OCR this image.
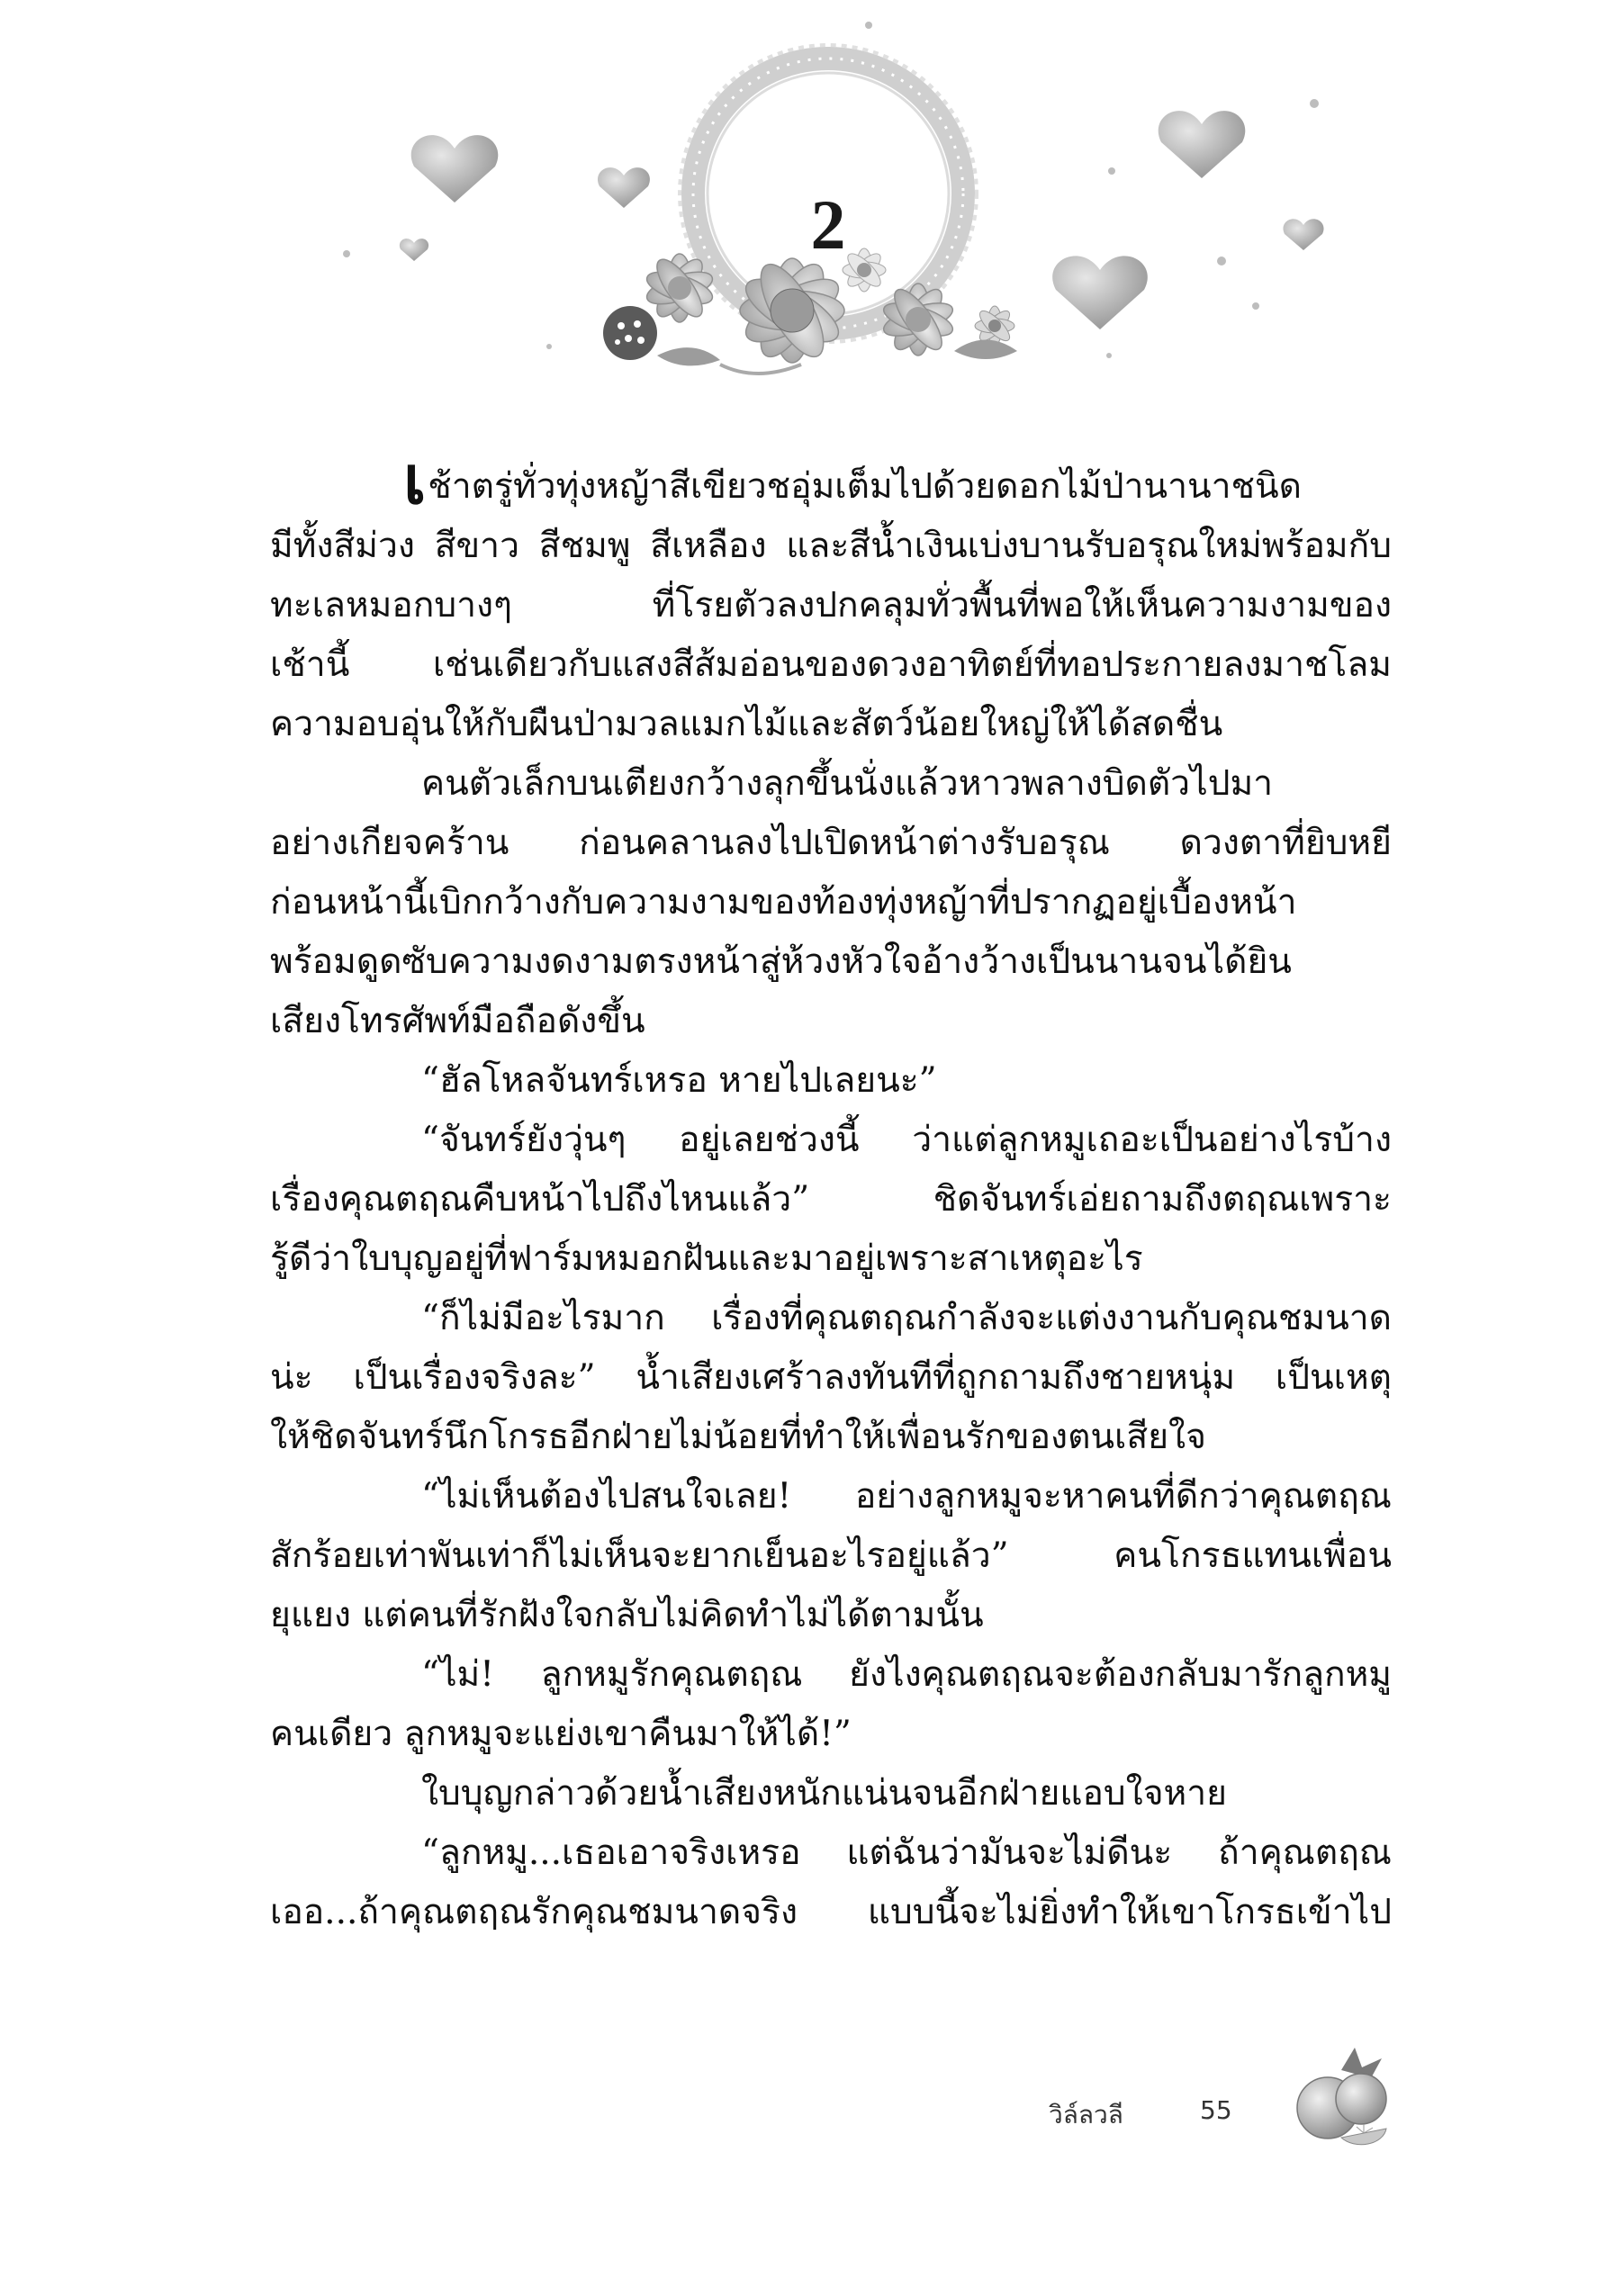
2
เช้าตรู่ทั่วทุ่งหญ้าสีเขียวชอุ่มเต็มไปด้วยดอกไม้ป่านานาชนิด
มีทั้งสีม่วง สีขาว สีชมพู สีเหลือง และสีน้ำเงินเบ่งบานรับอรุณใหม่พร้อมกับ
ทะเลหมอกบางๆ ที่โรยตัวลงปกคลุมทั่วพื้นที่พอให้เห็นความงามของ
เช้านี้ เช่นเดียวกับแสงสีส้มอ่อนของดวงอาทิตย์ที่ทอประกายลงมาชโลม
ความอบอุ่นให้กับผืนป่ามวลแมกไม้และสัตว์น้อยใหญ่ให้ได้สดชื่น
คนตัวเล็กบนเตียงกว้างลุกขึ้นนั่งแล้วหาวพลางบิดตัวไปมา
อย่างเกียจคร้าน ก่อนคลานลงไปเปิดหน้าต่างรับอรุณ ดวงตาที่ยิบหยี
ก่อนหน้านี้เบิกกว้างกับความงามของท้องทุ่งหญ้าที่ปรากฏอยู่เบื้องหน้า
พร้อมดูดซับความงดงามตรงหน้าสู่ห้วงหัวใจอ้างว้างเป็นนานจนได้ยิน
เสียงโทรศัพท์มือถือดังขึ้น
“ฮัลโหลจันทร์เหรอ หายไปเลยนะ”
“จันทร์ยังวุ่นๆ อยู่เลยช่วงนี้ ว่าแต่ลูกหมูเถอะเป็นอย่างไรบ้าง
เรื่องคุณตฤณคืบหน้าไปถึงไหนแล้ว” ชิดจันทร์เอ่ยถามถึงตฤณเพราะ
รู้ดีว่าใบบุญอยู่ที่ฟาร์มหมอกฝันและมาอยู่เพราะสาเหตุอะไร
“ก็ไม่มีอะไรมาก เรื่องที่คุณตฤณกำลังจะแต่งงานกับคุณชมนาด
น่ะ เป็นเรื่องจริงละ” น้ำเสียงเศร้าลงทันทีที่ถูกถามถึงชายหนุ่ม เป็นเหตุ
ให้ชิดจันทร์นึกโกรธอีกฝ่ายไม่น้อยที่ทำให้เพื่อนรักของตนเสียใจ
“ไม่เห็นต้องไปสนใจเลย! อย่างลูกหมูจะหาคนที่ดีกว่าคุณตฤณ
สักร้อยเท่าพันเท่าก็ไม่เห็นจะยากเย็นอะไรอยู่แล้ว” คนโกรธแทนเพื่อน
ยุแยง แต่คนที่รักฝังใจกลับไม่คิดทำไม่ได้ตามนั้น
“ไม่! ลูกหมูรักคุณตฤณ ยังไงคุณตฤณจะต้องกลับมารักลูกหมู
คนเดียว ลูกหมูจะแย่งเขาคืนมาให้ได้!”
ใบบุญกล่าวด้วยน้ำเสียงหนักแน่นจนอีกฝ่ายแอบใจหาย
“ลูกหมู...เธอเอาจริงเหรอ แต่ฉันว่ามันจะไม่ดีนะ ถ้าคุณตฤณ
เออ...ถ้าคุณตฤณรักคุณชมนาดจริง แบบนี้จะไม่ยิ่งทำให้เขาโกรธเข้าไป
วิล์ลวลี	55
